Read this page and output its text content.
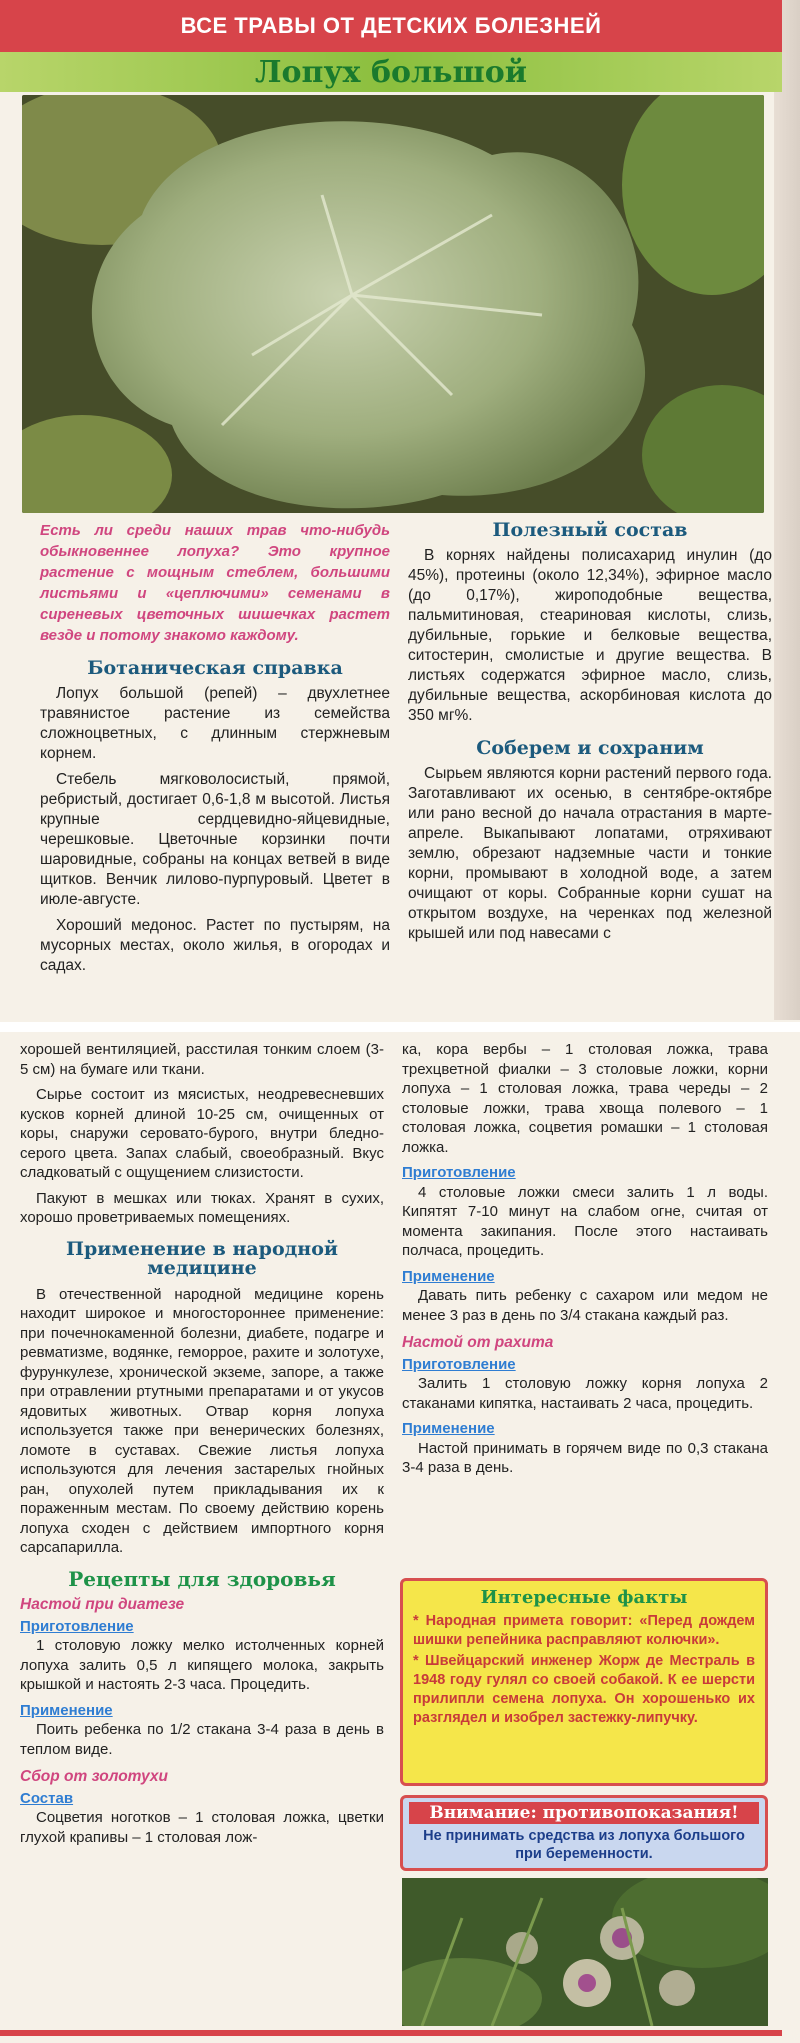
ВСЕ ТРАВЫ ОТ ДЕТСКИХ БОЛЕЗНЕЙ
Лопух большой

Есть ли среди наших трав что-нибудь обыкновеннее лопуха? Это крупное растение с мощным стеблем, большими листьями и «цеплючими» семенами в сиреневых цветочных шишечках растет везде и потому знакомо каждому.

Ботаническая справка

Лопух большой (репей) – двухлетнее травянистое растение из семейства сложноцветных, с длинным стержневым корнем.

Стебель мягковолосистый, прямой, ребристый, достигает 0,6-1,8 м высотой. Листья крупные сердцевидно-яйцевидные, черешковые. Цветочные корзинки почти шаровидные, собраны на концах ветвей в виде щитков. Венчик лилово-пурпуровый. Цветет в июле-августе.

Хороший медонос. Растет по пустырям, на мусорных местах, около жилья, в огородах и садах.

Полезный состав

В корнях найдены полисахарид инулин (до 45%), протеины (около 12,34%), эфирное масло (до 0,17%), жироподобные вещества, пальмитиновая, стеариновая кислоты, слизь, дубильные, горькие и белковые вещества, ситостерин, смолистые и другие вещества. В листьях содержатся эфирное масло, слизь, дубильные вещества, аскорбиновая кислота до 350 мг%.

Соберем и сохраним

Сырьем являются корни растений первого года. Заготавливают их осенью, в сентябре-октябре или рано весной до начала отрастания в марте-апреле. Выкапывают лопатами, отряхивают землю, обрезают надземные части и тонкие корни, промывают в холодной воде, а затем очищают от коры. Собранные корни сушат на открытом воздухе, на черенках под железной крышей или под навесами с

хорошей вентиляцией, расстилая тонким слоем (3-5 см) на бумаге или ткани.

Сырье состоит из мясистых, неодревесневших кусков корней длиной 10-25 см, очищенных от коры, снаружи серовато-бурого, внутри бледно-серого цвета. Запах слабый, своеобразный. Вкус сладковатый с ощущением слизистости.

Пакуют в мешках или тюках. Хранят в сухих, хорошо проветриваемых помещениях.

Применение в народной медицине

В отечественной народной медицине корень находит широкое и многостороннее применение: при почечнокаменной болезни, диабете, подагре и ревматизме, водянке, геморрое, рахите и золотухе, фурункулезе, хронической экземе, запоре, а также при отравлении ртутными препаратами и от укусов ядовитых животных. Отвар корня лопуха используется также при венерических болезнях, ломоте в суставах. Свежие листья лопуха используются для лечения застарелых гнойных ран, опухолей путем прикладывания их к пораженным местам. По своему действию корень лопуха сходен с действием импортного корня сарсапарилла.

Рецепты для здоровья
Настой при диатезе
Приготовление

1 столовую ложку мелко истолченных корней лопуха залить 0,5 л кипящего молока, закрыть крышкой и настоять 2-3 часа. Процедить.

Применение

Поить ребенка по 1/2 стакана 3-4 раза в день в теплом виде.

Сбор от золотухи
Состав

Соцветия ноготков – 1 столовая ложка, цветки глухой крапивы – 1 столовая лож-

ка, кора вербы – 1 столовая ложка, трава трехцветной фиалки – 3 столовые ложки, корни лопуха – 1 столовая ложка, трава череды – 2 столовые ложки, трава хвоща полевого – 1 столовая ложка, соцветия ромашки – 1 столовая ложка.

Приготовление

4 столовые ложки смеси залить 1 л воды. Кипятят 7-10 минут на слабом огне, считая от момента закипания. После этого настаивать полчаса, процедить.

Применение

Давать пить ребенку с сахаром или медом не менее 3 раз в день по 3/4 стакана каждый раз.

Настой от рахита
Приготовление

Залить 1 столовую ложку корня лопуха 2 стаканами кипятка, настаивать 2 часа, процедить.

Применение

Настой принимать в горячем виде по 0,3 стакана 3-4 раза в день.

Интересные факты

* Народная примета говорит: «Перед дождем шишки репейника расправляют колючки».

* Швейцарский инженер Жорж де Местраль в 1948 году гулял со своей собакой. К ее шерсти прилипли семена лопуха. Он хорошенько их разглядел и изобрел застежку-липучку.

Внимание: противопоказания!

Не принимать средства из лопуха большого при беременности.
